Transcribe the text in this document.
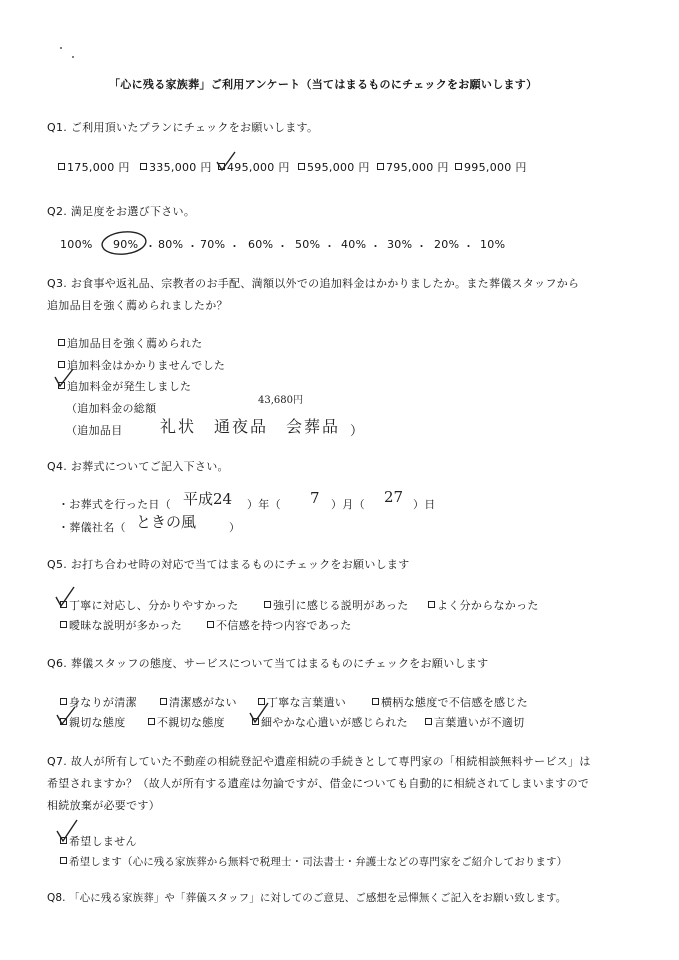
「心に残る家族葬」ご利用アンケート（当てはまるものにチェックをお願いします）
Q1. ご利用頂いたプランにチェックをお願いします。
175,000 円	335,000 円	495,000 円	595,000 円	795,000 円	995,000 円
Q2. 満足度をお選び下さい。
100% 90% ・ 80% ・ 70% ・ 60% ・ 50% ・ 40% ・ 30% ・ 20% ・ 10%
Q3. お食事や返礼品、宗教者のお手配、満額以外での追加料金はかかりましたか。また葬儀スタッフから
追加品目を強く薦められましたか？
追加品目を強く薦められた
追加料金はかかりませんでした
追加料金が発生しました
（追加料金の総額
43,680円
（追加品目 礼状　通夜品　会葬品 ）
Q4. お葬式についてご記入下さい。
・お葬式を行った日（ 平成24 ）年（ 7 ）月（ 27 ）日
・葬儀社名（ ときの風	）
Q5. お打ち合わせ時の対応で当てはまるものにチェックをお願いします
丁寧に対応し、分かりやすかった	強引に感じる説明があった	よく分からなかった
曖昧な説明が多かった	不信感を持つ内容であった
Q6. 葬儀スタッフの態度、サービスについて当てはまるものにチェックをお願いします
身なりが清潔	清潔感がない	丁寧な言葉遣い	横柄な態度で不信感を感じた
親切な態度	不親切な態度	細やかな心遣いが感じられた	言葉遣いが不適切
Q7. 故人が所有していた不動産の相続登記や遺産相続の手続きとして専門家の「相続相談無料サービス」は
希望されますか？（故人が所有する遺産は勿論ですが、借金についても自動的に相続されてしまいますので
相続放棄が必要です）
希望しません
希望します（心に残る家族葬から無料で税理士・司法書士・弁護士などの専門家をご紹介しております）
Q8. 「心に残る家族葬」や「葬儀スタッフ」に対してのご意見、ご感想を忌憚無くご記入をお願い致します。
